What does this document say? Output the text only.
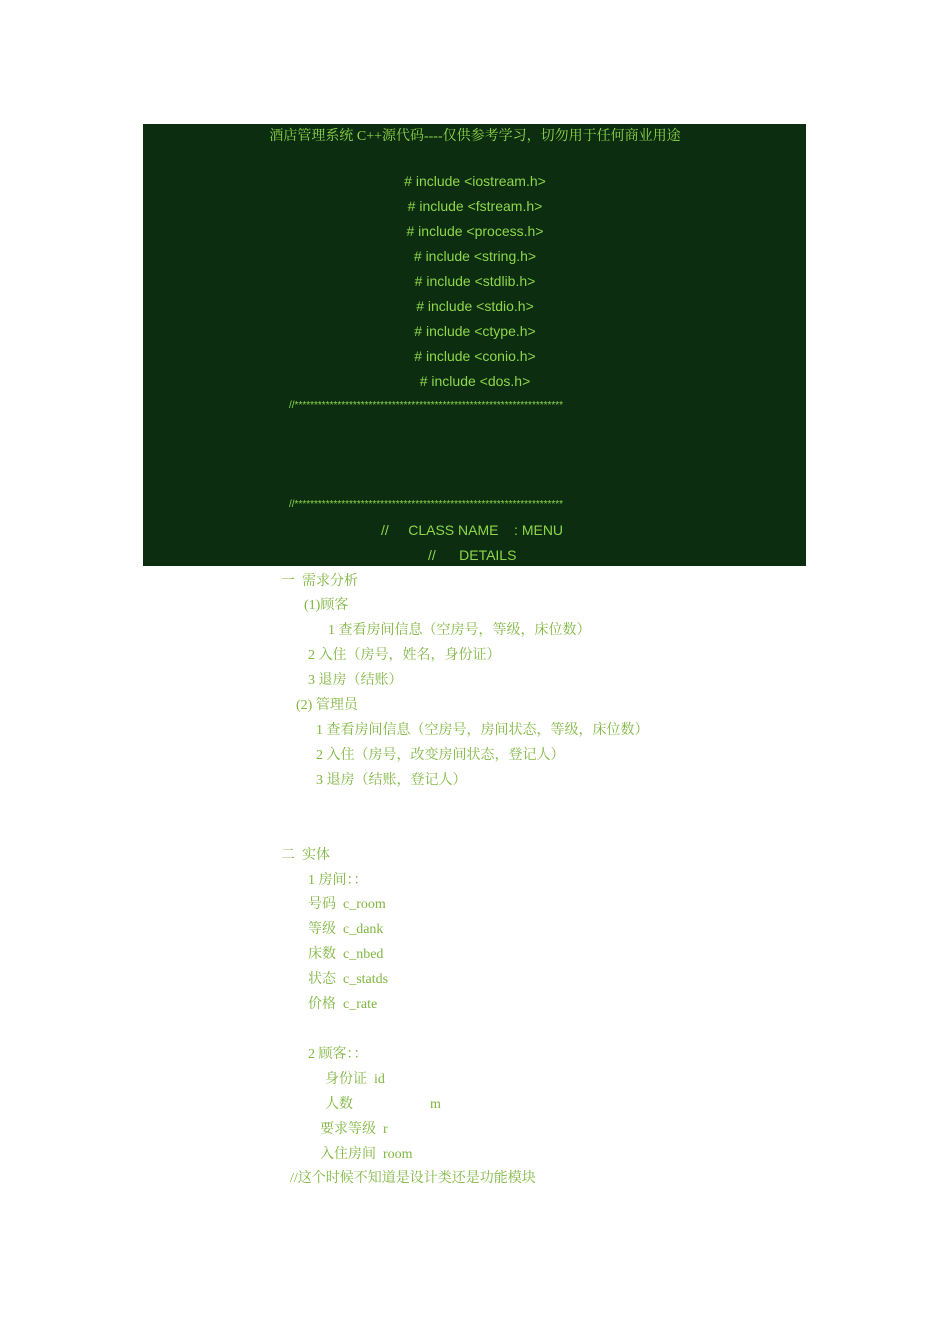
酒店管理系统 C++源代码----仅供参考学习，切勿用于任何商业用途
# include <iostream.h>
# include <fstream.h>
# include <process.h>
# include <string.h>
# include <stdlib.h>
# include <stdio.h>
# include <ctype.h>
# include <conio.h>
# include <dos.h>
//*********************************************************************
//*********************************************************************
//     CLASS NAME    : MENU
//      DETAILS
一  需求分析
(1)顾客
1 查看房间信息（空房号，等级，床位数）
2 入住（房号，姓名，身份证）
3 退房（结账）
(2) 管理员
1 查看房间信息（空房号，房间状态，等级，床位数）
2 入住（房号，改变房间状态，登记人）
3 退房（结账，登记人）
二  实体
1 房间：：
号码  c_room
等级  c_dank
床数  c_nbed
状态  c_statds
价格  c_rate
2 顾客：：
身份证  id
人数                      m
要求等级  r
入住房间  room
//这个时候不知道是设计类还是功能模块
